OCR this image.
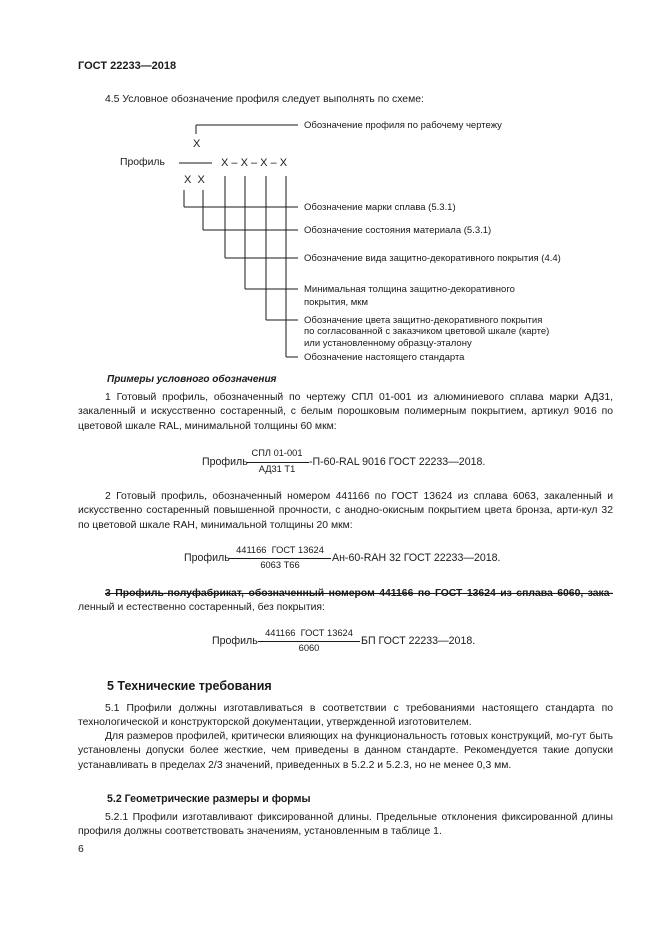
ГОСТ 22233—2018
4.5 Условное обозначение профиля следует выполнять по схеме:
Х
Профиль	Х – Х – Х – Х
Х  Х
Обозначение профиля по рабочему чертежу
Обозначение марки сплава (5.3.1)
Обозначение состояния материала (5.3.1)
Обозначение вида защитно-декоративного покрытия (4.4)
Минимальная толщина защитно-декоративного
покрытия, мкм
Обозначение цвета защитно-декоративного покрытия
по согласованной с заказчиком цветовой шкале (карте)
или установленному образцу-эталону
Обозначение настоящего стандарта
Примеры условного обозначения
1 Готовый профиль, обозначенный по чертежу СПЛ 01-001 из алюминиевого сплава марки АД31, закаленный и искусственно состаренный, с белым порошковым полимерным покрытием, артикул 9016 по цветовой шкале RAL, минимальной толщины 60 мкм:
Профиль
СПЛ 01-001
АД31 Т1
-П-60-RAL 9016 ГОСТ 22233—2018.
2 Готовый профиль, обозначенный номером 441166 по ГОСТ 13624 из сплава 6063, закаленный и искусственно состаренный повышенной прочности, с анодно-окисным покрытием цвета бронза, арти-кул 32 по цветовой шкале RAH, минимальной толщины 20 мкм:
Профиль
441166  ГОСТ 13624
6063 Т66
Ан-60-RAH 32 ГОСТ 22233—2018.
3 Профиль-полуфабрикат, обозначенный номером 441166 по ГОСТ 13624 из сплава 6060, зака- ленный и естественно состаренный, без покрытия:
Профиль
441166  ГОСТ 13624
6060
БП ГОСТ 22233—2018.
5 Технические требования
5.1 Профили должны изготавливаться в соответствии с требованиями настоящего стандарта по технологической и конструкторской документации, утвержденной изготовителем.
Для размеров профилей, критически влияющих на функциональность готовых конструкций, мо-гут быть установлены допуски более жесткие, чем приведены в данном стандарте. Рекомендуется такие допуски устанавливать в пределах 2/3 значений, приведенных в 5.2.2 и 5.2.3, но не менее 0,3 мм.
5.2 Геометрические размеры и формы
5.2.1 Профили изготавливают фиксированной длины. Предельные отклонения фиксированной длины профиля должны соответствовать значениям, установленным в таблице 1.
6
